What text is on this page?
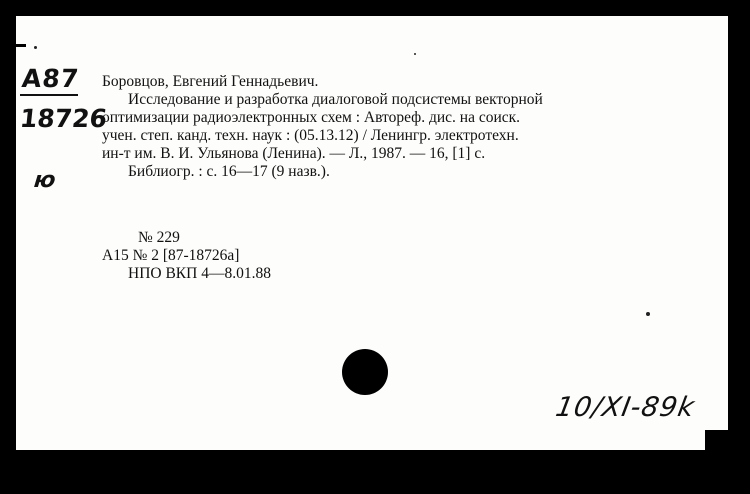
A87
18726
ю
Боровцов, Евгений Геннадьевич.
Исследование и разработка диалоговой подсистемы векторной
оптимизации радиоэлектронных схем : Автореф. дис. на соиск.
учен. степ. канд. техн. наук : (05.13.12) / Ленингр. электротехн.
ин-т им. В. И. Ульянова (Ленина). — Л., 1987. — 16, [1] с.
Библиогр. : с. 16—17 (9 назв.).
№ 229
А15 № 2 [87-18726а]
НПО ВКП 4—8.01.88
10/XI-89k
